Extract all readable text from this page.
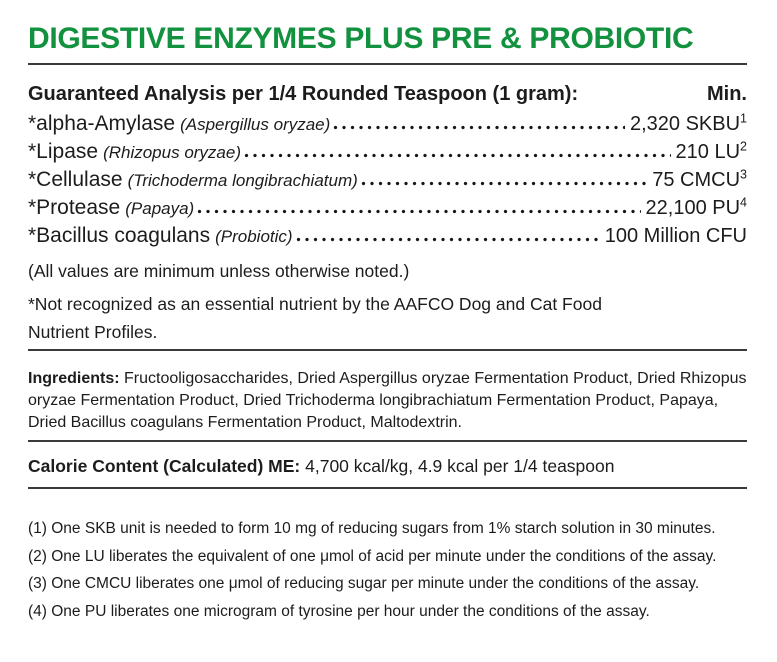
DIGESTIVE ENZYMES PLUS PRE & PROBIOTIC
Guaranteed Analysis per 1/4 Rounded Teaspoon (1 gram):	Min.
*alpha-Amylase (Aspergillus oryzae)	2,320 SKBU$^1$
*Lipase (Rhizopus oryzae)	210 $LU^2$
*Cellulase (Trichoderma longibrachiatum)	75 CMCU$^3$
*Protease (Papaya)	22,100 $PU^4$
*Bacillus coagulans (Probiotic)	100 Million CFU
(All values are minimum unless otherwise noted.)
*Not recognized as an essential nutrient by the AAFCO Dog and Cat Food
Nutrient Profiles.

Ingredients: Fructooligosaccharides, Dried Aspergillus oryzae Fermentation Product, Dried Rhizopus oryzae Fermentation Product, Dried Trichoderma longibrachiatum Fermentation Product, Papaya, Dried Bacillus coagulans Fermentation Product, Maltodextrin.

Calorie Content (Calculated) ME: 4,700 kcal/kg, 4.9 kcal per 1/4 teaspoon

(1) One SKB unit is needed to form 10 mg of reducing sugars from 1% starch solution in 30 minutes.
(2) One LU liberates the equivalent of one μmol of acid per minute under the conditions of the assay.
(3) One CMCU liberates one μmol of reducing sugar per minute under the conditions of the assay.
(4) One PU liberates one microgram of tyrosine per hour under the conditions of the assay.
